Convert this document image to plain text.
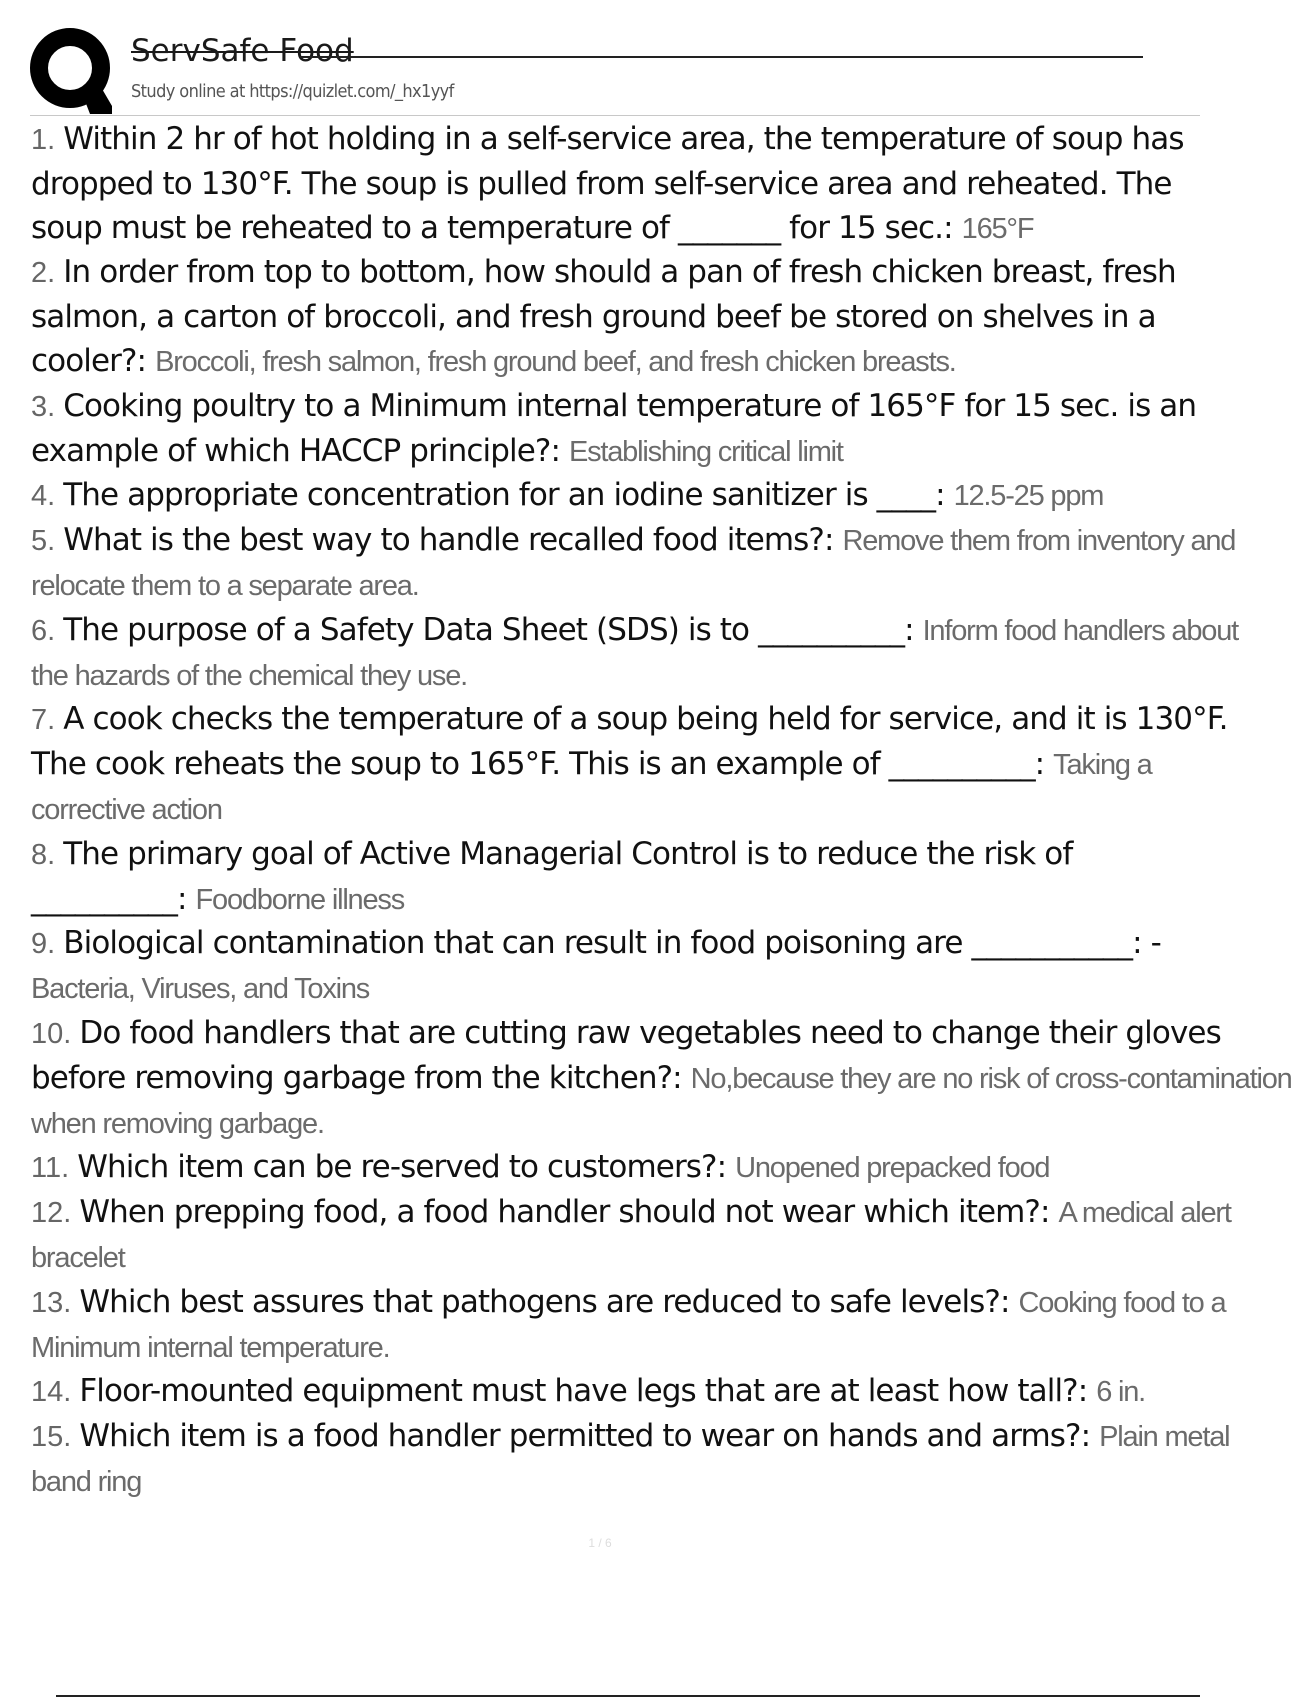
ServSafe Food
Study online at https://quizlet.com/_hx1yyf
1. Within 2 hr of hot holding in a self-service area, the temperature of soup has
dropped to 130°F. The soup is pulled from self-service area and reheated. The
soup must be reheated to a temperature of _______ for 15 sec.: 165°F
2. In order from top to bottom, how should a pan of fresh chicken breast, fresh
salmon, a carton of broccoli, and fresh ground beef be stored on shelves in a
cooler?: Broccoli, fresh salmon, fresh ground beef, and fresh chicken breasts.
3. Cooking poultry to a Minimum internal temperature of 165°F for 15 sec. is an
example of which HACCP principle?: Establishing critical limit
4. The appropriate concentration for an iodine sanitizer is ____: 12.5-25 ppm
5. What is the best way to handle recalled food items?: Remove them from inventory and
relocate them to a separate area.
6. The purpose of a Safety Data Sheet (SDS) is to __________: Inform food handlers about
the hazards of the chemical they use.
7. A cook checks the temperature of a soup being held for service, and it is 130°F.
The cook reheats the soup to 165°F. This is an example of __________: Taking a
corrective action
8. The primary goal of Active Managerial Control is to reduce the risk of
__________: Foodborne illness
9. Biological contamination that can result in food poisoning are ___________: -
Bacteria, Viruses, and Toxins
10. Do food handlers that are cutting raw vegetables need to change their gloves
before removing garbage from the kitchen?: No,because they are no risk of cross-contamination
when removing garbage.
11. Which item can be re-served to customers?: Unopened prepacked food
12. When prepping food, a food handler should not wear which item?: A medical alert
bracelet
13. Which best assures that pathogens are reduced to safe levels?: Cooking food to a
Minimum internal temperature.
14. Floor-mounted equipment must have legs that are at least how tall?: 6 in.
15. Which item is a food handler permitted to wear on hands and arms?: Plain metal
band ring
1 / 6
